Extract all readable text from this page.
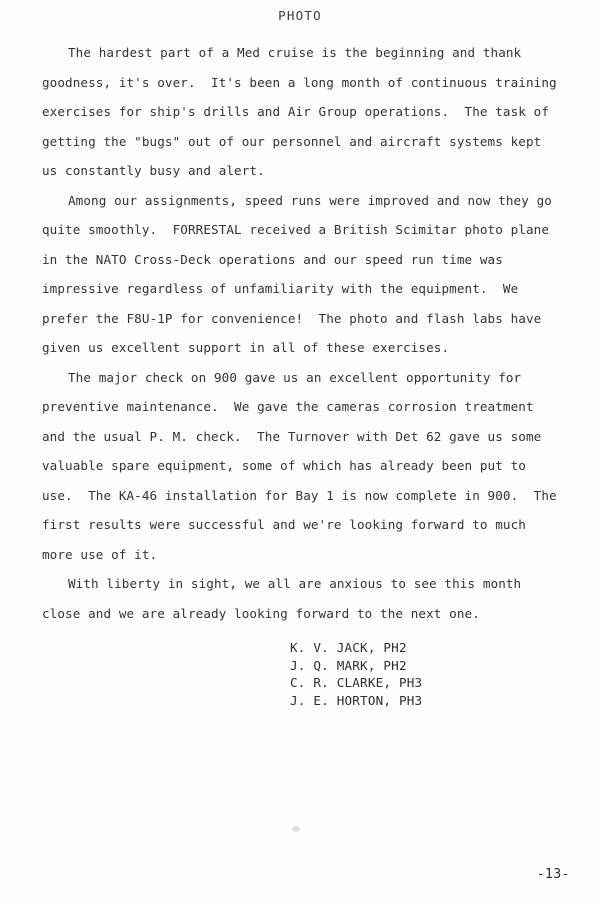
PHOTO

The hardest part of a Med cruise is the beginning and thank goodness, it's over.  It's been a long month of continuous training exercises for ship's drills and Air Group operations.  The task of getting the "bugs" out of our personnel and aircraft systems kept us constantly busy and alert.

Among our assignments, speed runs were improved and now they go quite smoothly.  FORRESTAL received a British Scimitar photo plane in the NATO Cross-Deck operations and our speed run time was impressive regardless of unfamiliarity with the equipment.  We prefer the F8U-1P for convenience!  The photo and flash labs have given us excellent support in all of these exercises.

The major check on 900 gave us an excellent opportunity for preventive maintenance.  We gave the cameras corrosion treatment and the usual P. M. check.  The Turnover with Det 62 gave us some valuable spare equipment, some of which has already been put to use.  The KA-46 installation for Bay 1 is now complete in 900.  The first results were successful and we're looking forward to much more use of it.

With liberty in sight, we all are anxious to see this month close and we are already looking forward to the next one.

K. V. JACK, PH2
J. Q. MARK, PH2
C. R. CLARKE, PH3
J. E. HORTON, PH3
-13-
